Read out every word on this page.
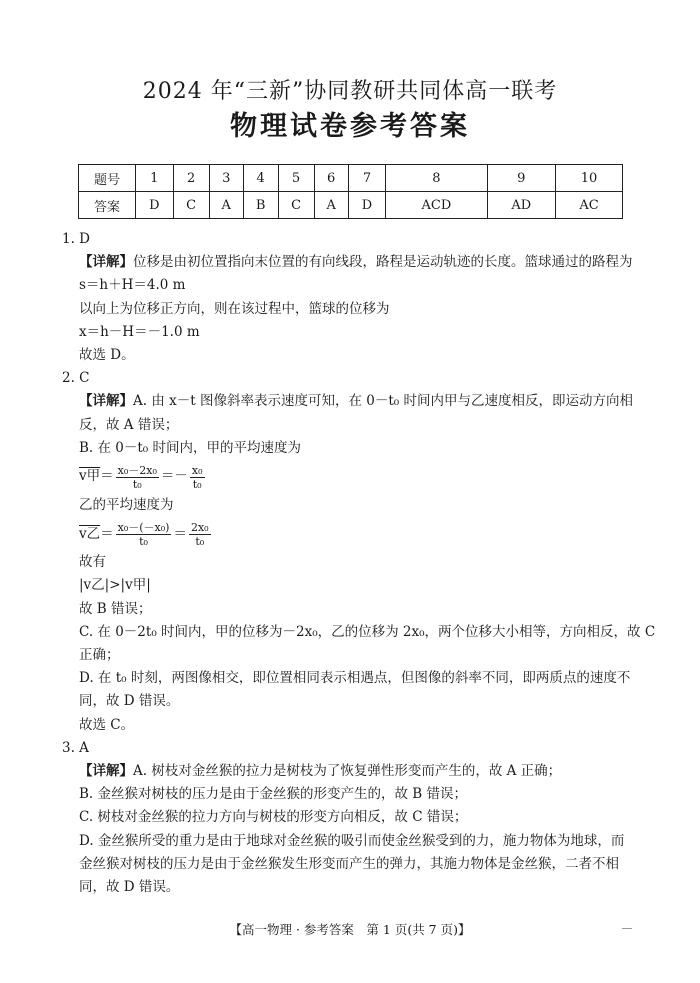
2024 年“三新”协同教研共同体高一联考
物理试卷参考答案
题号	1	2	3	4	5	6	7	8	9	10
答案	D	C	A	B	C	A	D	ACD	AD	AC
1. D
【详解】位移是由初位置指向末位置的有向线段，路程是运动轨迹的长度。篮球通过的路程为
s＝h＋H＝4.0 m
以向上为位移正方向，则在该过程中，篮球的位移为
x＝h－H＝－1.0 m
故选 D。
2. C
【详解】A. 由 x－t 图像斜率表示速度可知，在 0－t₀ 时间内甲与乙速度相反，即运动方向相
反，故 A 错误；
B. 在 0－t₀ 时间内，甲的平均速度为
v甲 ＝ $\frac{\text{x₀－2x₀}}{\text{t₀}} =- \frac{\text{x₀}}{\text{t₀}}$
乙的平均速度为
v乙 ＝ $\frac{\text{x₀－(－x₀)}}{\text{t₀}} = \frac{\text{2x₀}}{\text{t₀}}$
故有
|v乙|>|v甲|
故 B 错误；
C. 在 0－2t₀ 时间内，甲的位移为－2x₀，乙的位移为 2x₀，两个位移大小相等，方向相反，故 C
正确；
D. 在 t₀ 时刻，两图像相交，即位置相同表示相遇点，但图像的斜率不同，即两质点的速度不
同，故 D 错误。
故选 C。
3. A
【详解】A. 树枝对金丝猴的拉力是树枝为了恢复弹性形变而产生的，故 A 正确；
B. 金丝猴对树枝的压力是由于金丝猴的形变产生的，故 B 错误；
C. 树枝对金丝猴的拉力方向与树枝的形变方向相反，故 C 错误；
D. 金丝猴所受的重力是由于地球对金丝猴的吸引而使金丝猴受到的力，施力物体为地球，而
金丝猴对树枝的压力是由于金丝猴发生形变而产生的弹力，其施力物体是金丝猴，二者不相
同，故 D 错误。
【高一物理 · 参考答案　第 1 页(共 7 页)】
